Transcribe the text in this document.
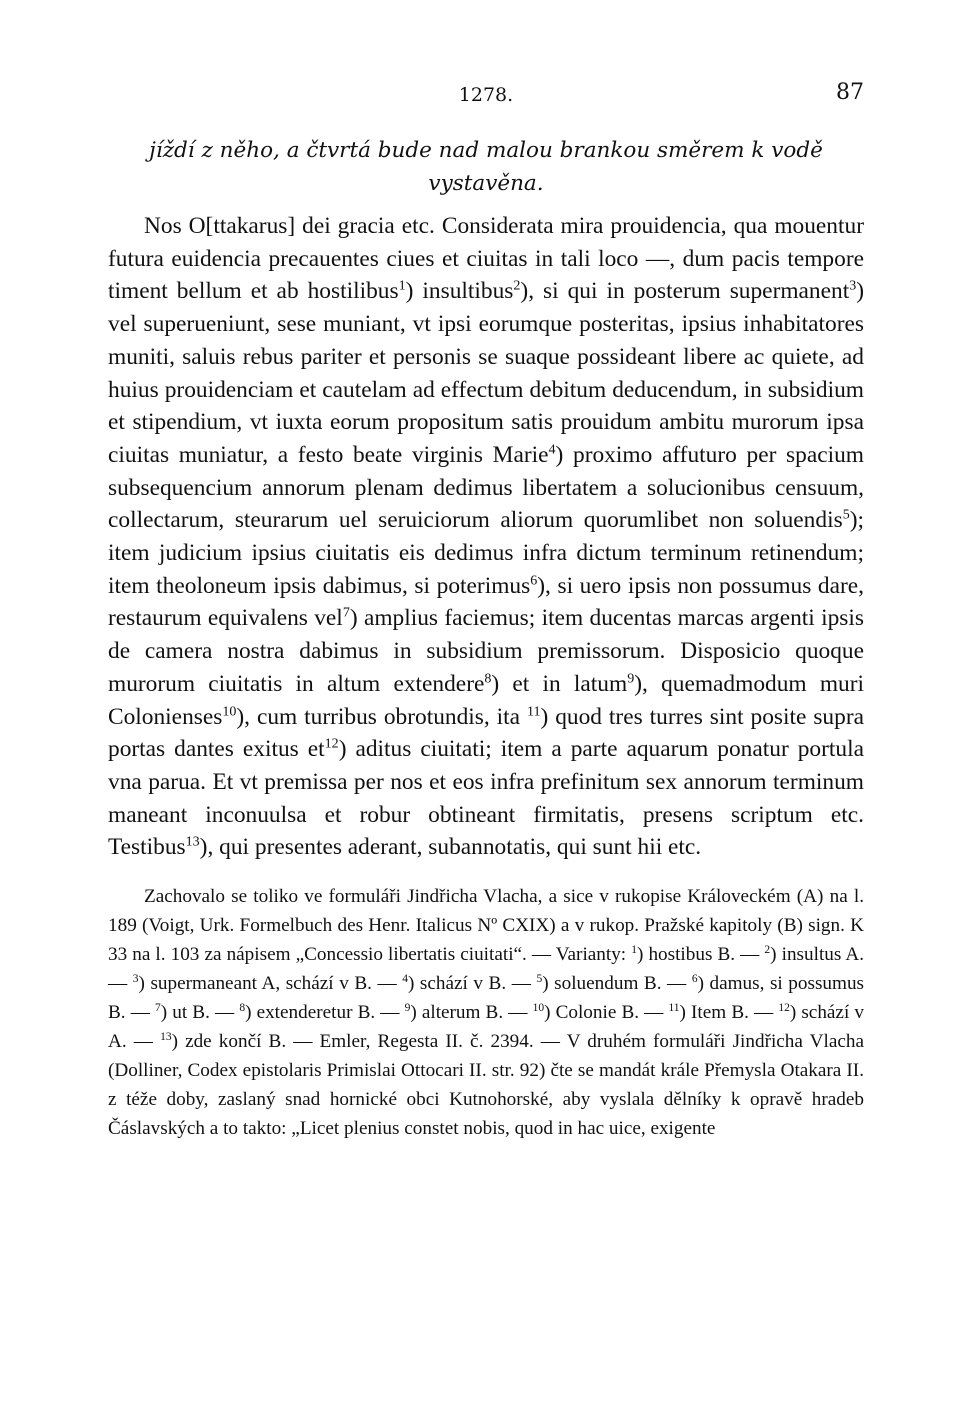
1278.	87
jíždí z něho, a čtvrtá bude nad malou brankou směrem k vodě vystavěna.

Nos O[ttakarus] dei gracia etc. Considerata mira prouidencia, qua mouentur futura euidencia precauentes ciues et ciuitas in tali loco —, dum pacis tempore timent bellum et ab hostilibus$^1$) insultibus$^2$), si qui in posterum supermanent$^3$) vel superueniunt, sese muniant, vt ipsi eorumque posteritas, ipsius inhabitatores muniti, saluis rebus pariter et personis se suaque possideant libere ac quiete, ad huius prouidenciam et cautelam ad effectum debitum deducendum, in subsidium et stipendium, vt iuxta eorum propositum satis prouidum ambitu murorum ipsa ciuitas muniatur, a festo beate virginis Marie$^4$) proximo affuturo per spacium subsequencium annorum plenam dedimus libertatem a solucionibus censuum, collectarum, steurarum uel seruiciorum aliorum quorumlibet non soluendis$^5$); item judicium ipsius ciuitatis eis dedimus infra dictum terminum retinendum; item theoloneum ipsis dabimus, si poterimus$^6$), si uero ipsis non possumus dare, restaurum equivalens vel$^7$) amplius faciemus; item ducentas marcas argenti ipsis de camera nostra dabimus in subsidium premissorum. Disposicio quoque murorum ciuitatis in altum extendere$^8$) et in latum$^9$), quemadmodum muri Colonienses$^{10}$), cum turribus obrotundis, ita $^{11}$) quod tres turres sint posite supra portas dantes exitus $et^{12}$) aditus ciuitati; item a parte aquarum ponatur portula vna parua. Et vt premissa per nos et eos infra prefinitum sex annorum terminum maneant inconuulsa et robur obtineant firmitatis, presens scriptum etc. Testibus$^{13}$), qui presentes aderant, subannotatis, qui sunt hii etc.

Zachovalo se toliko ve formuláři Jindřicha Vlacha, a sice v rukopise Královeckém (A) na l. 189 (Voigt, Urk. Formelbuch des Henr. Italicus Nº CXIX) a v rukop. Pražské kapitoly (B) sign. K 33 na l. 103 za nápisem „Concessio libertatis ciuitati“. — Varianty: $^1$) hostibus B. — $^2$) insultus A. — $^3$) supermaneant A, schází v B. — $^4$) schází v B. — $^5$) soluendum B. — $^6$) damus, si possumus B. — $^7$) ut B. — $^8$) extenderetur B. — $^9$) alterum B. — $^{10}$) Colonie B. — $^{11}$) Item B. — $^{12}$) schází v A. — $^{13}$) zde končí B. — Emler, Regesta II. č. 2394. — V druhém formuláři Jindřicha Vlacha (Dolliner, Codex epistolaris Primislai Ottocari II. str. 92) čte se mandát krále Přemysla Otakara II. z téže doby, zaslaný snad hornické obci Kutnohorské, aby vyslala dělníky k opravě hradeb Čáslavských a to takto: „Licet plenius constet nobis, quod in hac uice, exigente
